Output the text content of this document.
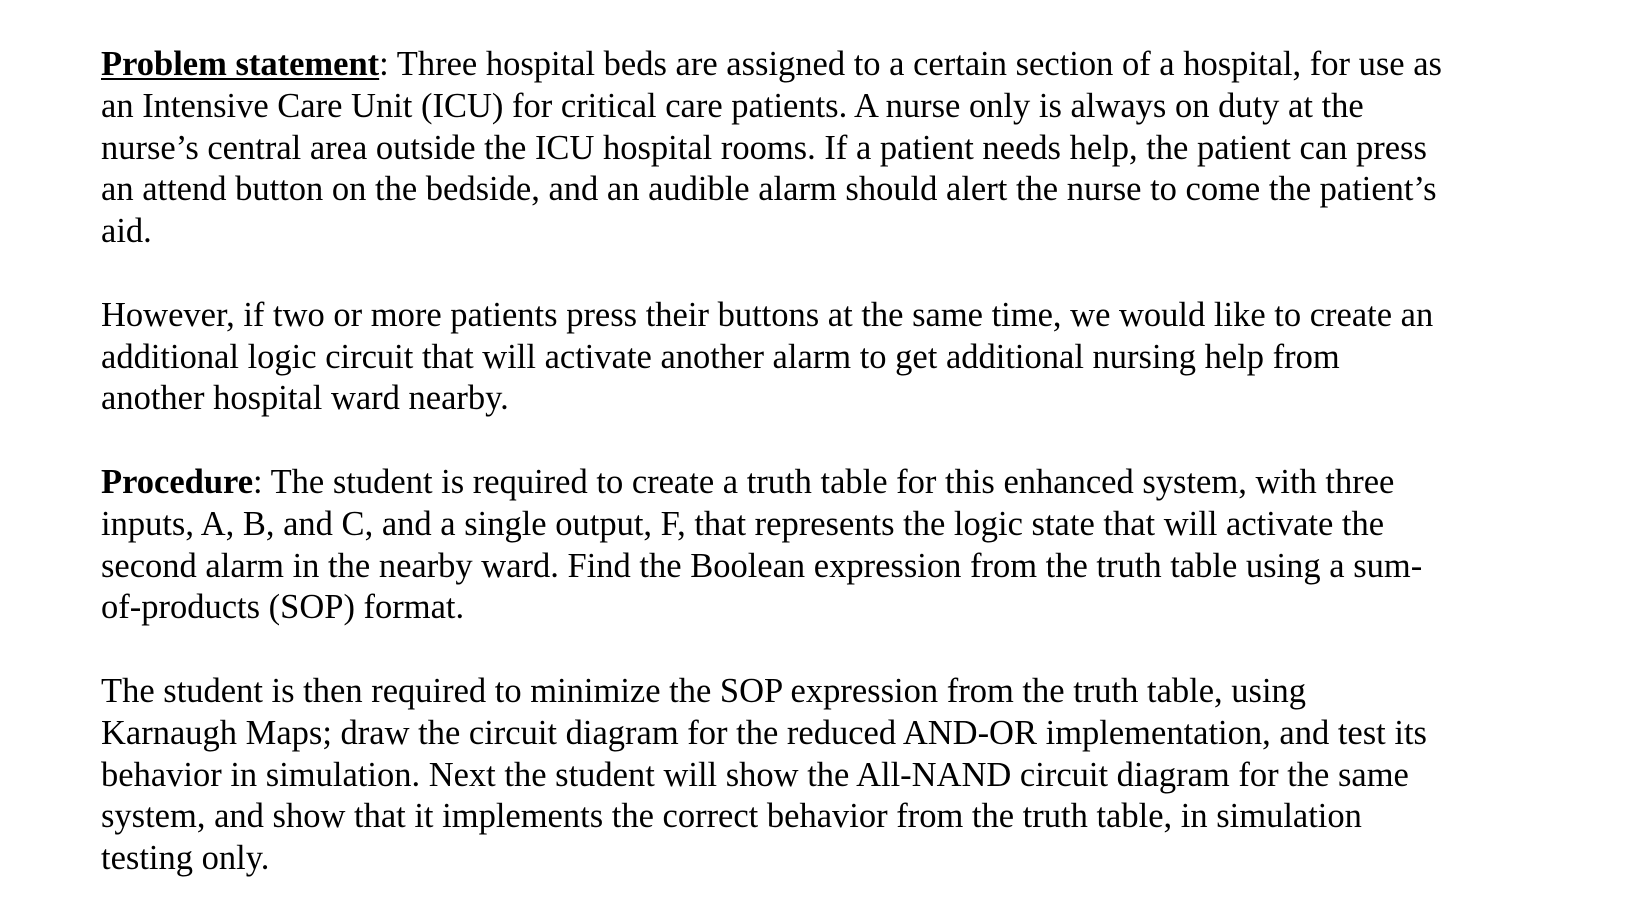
Problem statement: Three hospital beds are assigned to a certain section of a hospital, for use as
an Intensive Care Unit (ICU) for critical care patients. A nurse only is always on duty at the
nurse’s central area outside the ICU hospital rooms. If a patient needs help, the patient can press
an attend button on the bedside, and an audible alarm should alert the nurse to come the patient’s
aid.

However, if two or more patients press their buttons at the same time, we would like to create an
additional logic circuit that will activate another alarm to get additional nursing help from
another hospital ward nearby.

Procedure: The student is required to create a truth table for this enhanced system, with three
inputs, A, B, and C, and a single output, F, that represents the logic state that will activate the
second alarm in the nearby ward. Find the Boolean expression from the truth table using a sum-
of-products (SOP) format.

The student is then required to minimize the SOP expression from the truth table, using
Karnaugh Maps; draw the circuit diagram for the reduced AND-OR implementation, and test its
behavior in simulation. Next the student will show the All-NAND circuit diagram for the same
system, and show that it implements the correct behavior from the truth table, in simulation
testing only.
